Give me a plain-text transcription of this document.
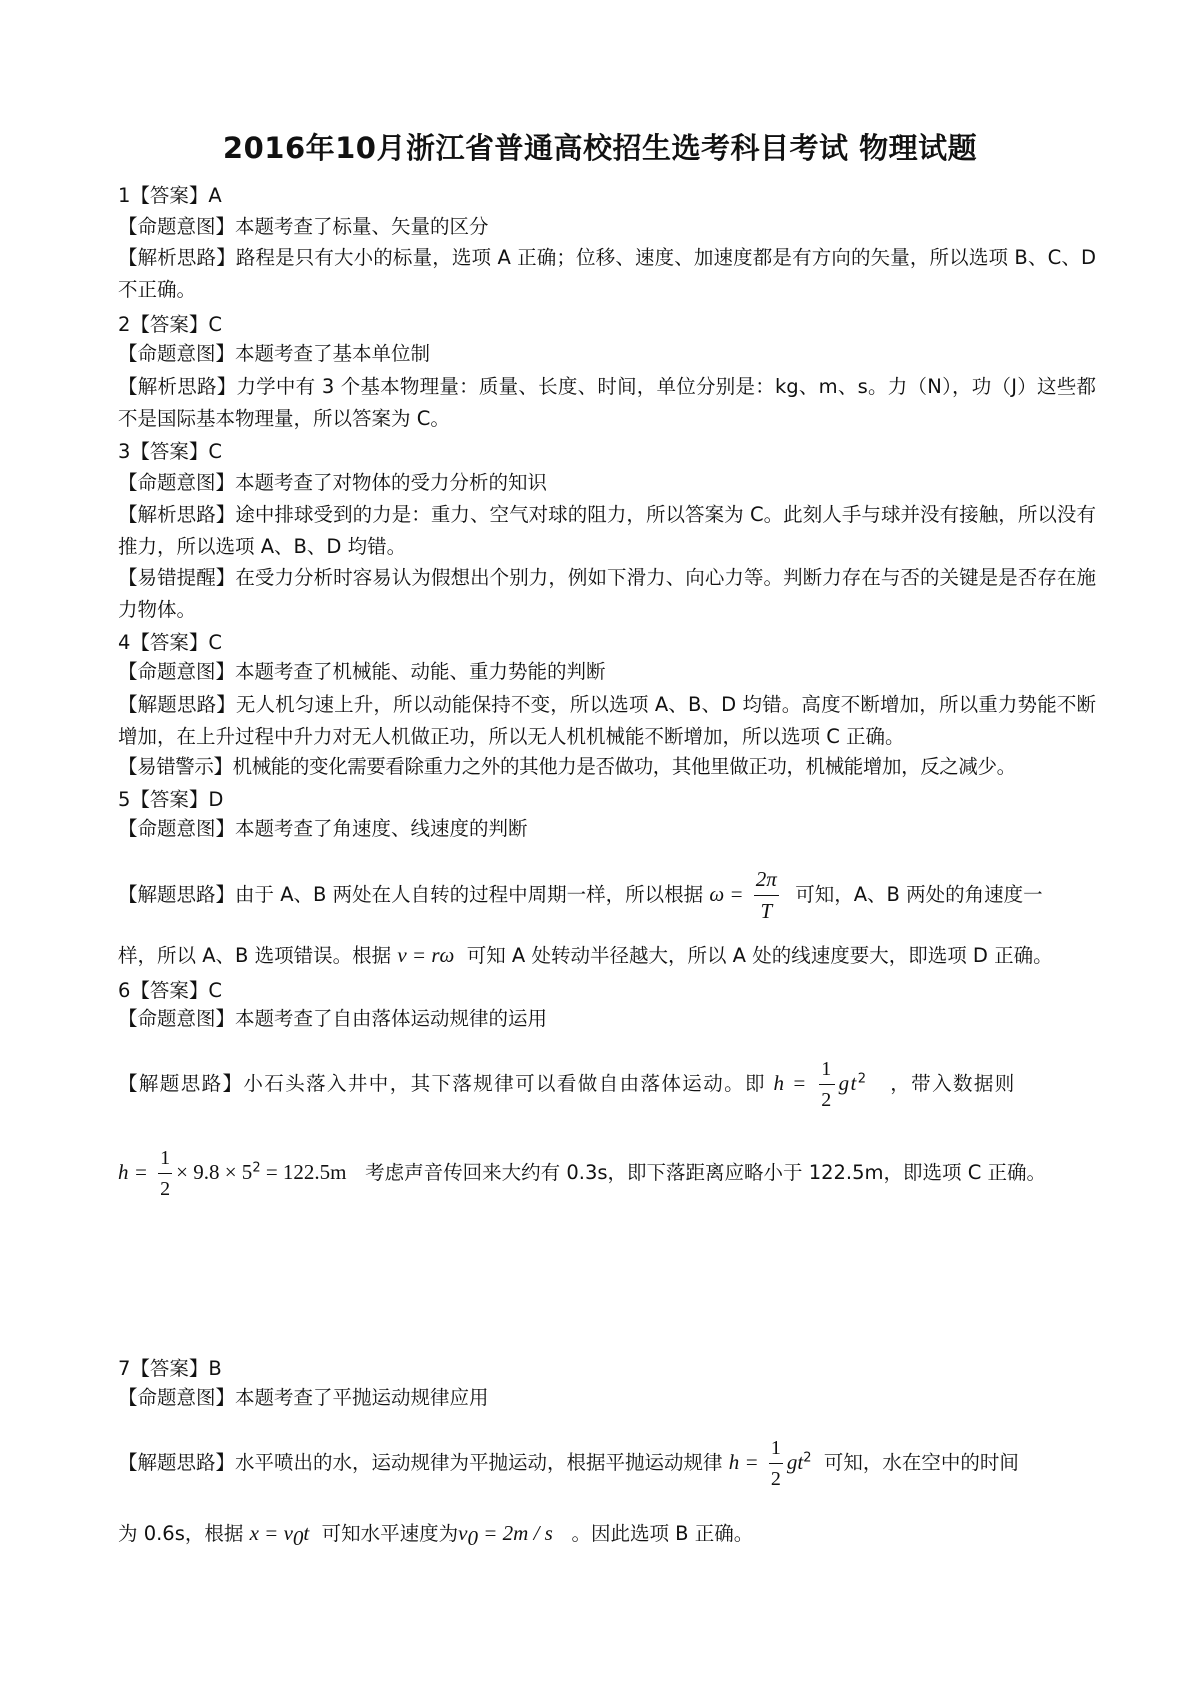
2016年10月浙江省普通高校招生选考科目考试 物理试题
1【答案】A
【命题意图】本题考查了标量、矢量的区分
【解析思路】路程是只有大小的标量，选项 A 正确；位移、速度、加速度都是有方向的矢量，所以选项 B、C、D 不正确。
2【答案】C
【命题意图】本题考查了基本单位制
【解析思路】力学中有 3 个基本物理量：质量、长度、时间，单位分别是：kg、m、s。力（N），功（J）这些都不是国际基本物理量，所以答案为 C。
3【答案】C
【命题意图】本题考查了对物体的受力分析的知识
【解析思路】途中排球受到的力是：重力、空气对球的阻力，所以答案为 C。此刻人手与球并没有接触，所以没有推力，所以选项 A、B、D 均错。
【易错提醒】在受力分析时容易认为假想出个别力，例如下滑力、向心力等。判断力存在与否的关键是是否存在施力物体。
4【答案】C
【命题意图】本题考查了机械能、动能、重力势能的判断
【解题思路】无人机匀速上升，所以动能保持不变，所以选项 A、B、D 均错。高度不断增加，所以重力势能不断增加，在上升过程中升力对无人机做正功，所以无人机机械能不断增加，所以选项 C 正确。
【易错警示】机械能的变化需要看除重力之外的其他力是否做功，其他里做正功，机械能增加，反之减少。
5【答案】D
【命题意图】本题考查了角速度、线速度的判断
【解题思路】由于 A、B 两处在人自转的过程中周期一样，所以根据 $\omega = \frac{2\pi}{T}$ 可知，A、B 两处的角速度一
样，所以 A、B 选项错误。根据 v = rω 可知 A 处转动半径越大，所以 A 处的线速度要大，即选项 D 正确。
6【答案】C
【命题意图】本题考查了自由落体运动规律的运用
【解题思路】小石头落入井中，其下落规律可以看做自由落体运动。即 $h = \frac{1}{2} gt^2$ ，带入数据则
$h = \frac{1}{2} \times 9.8 \times 5^2 = 122.5m$ 考虑声音传回来大约有 0.3s，即下落距离应略小于 122.5m，即选项 C 正确。
7【答案】B
【命题意图】本题考查了平抛运动规律应用
【解题思路】水平喷出的水，运动规律为平抛运动，根据平抛运动规律 $h = \frac{1}{2} gt^2$ 可知，水在空中的时间
为 0.6s，根据 $x = v_0t$ 可知水平速度为$v_0 = 2m / s$ 。因此选项 B 正确。
